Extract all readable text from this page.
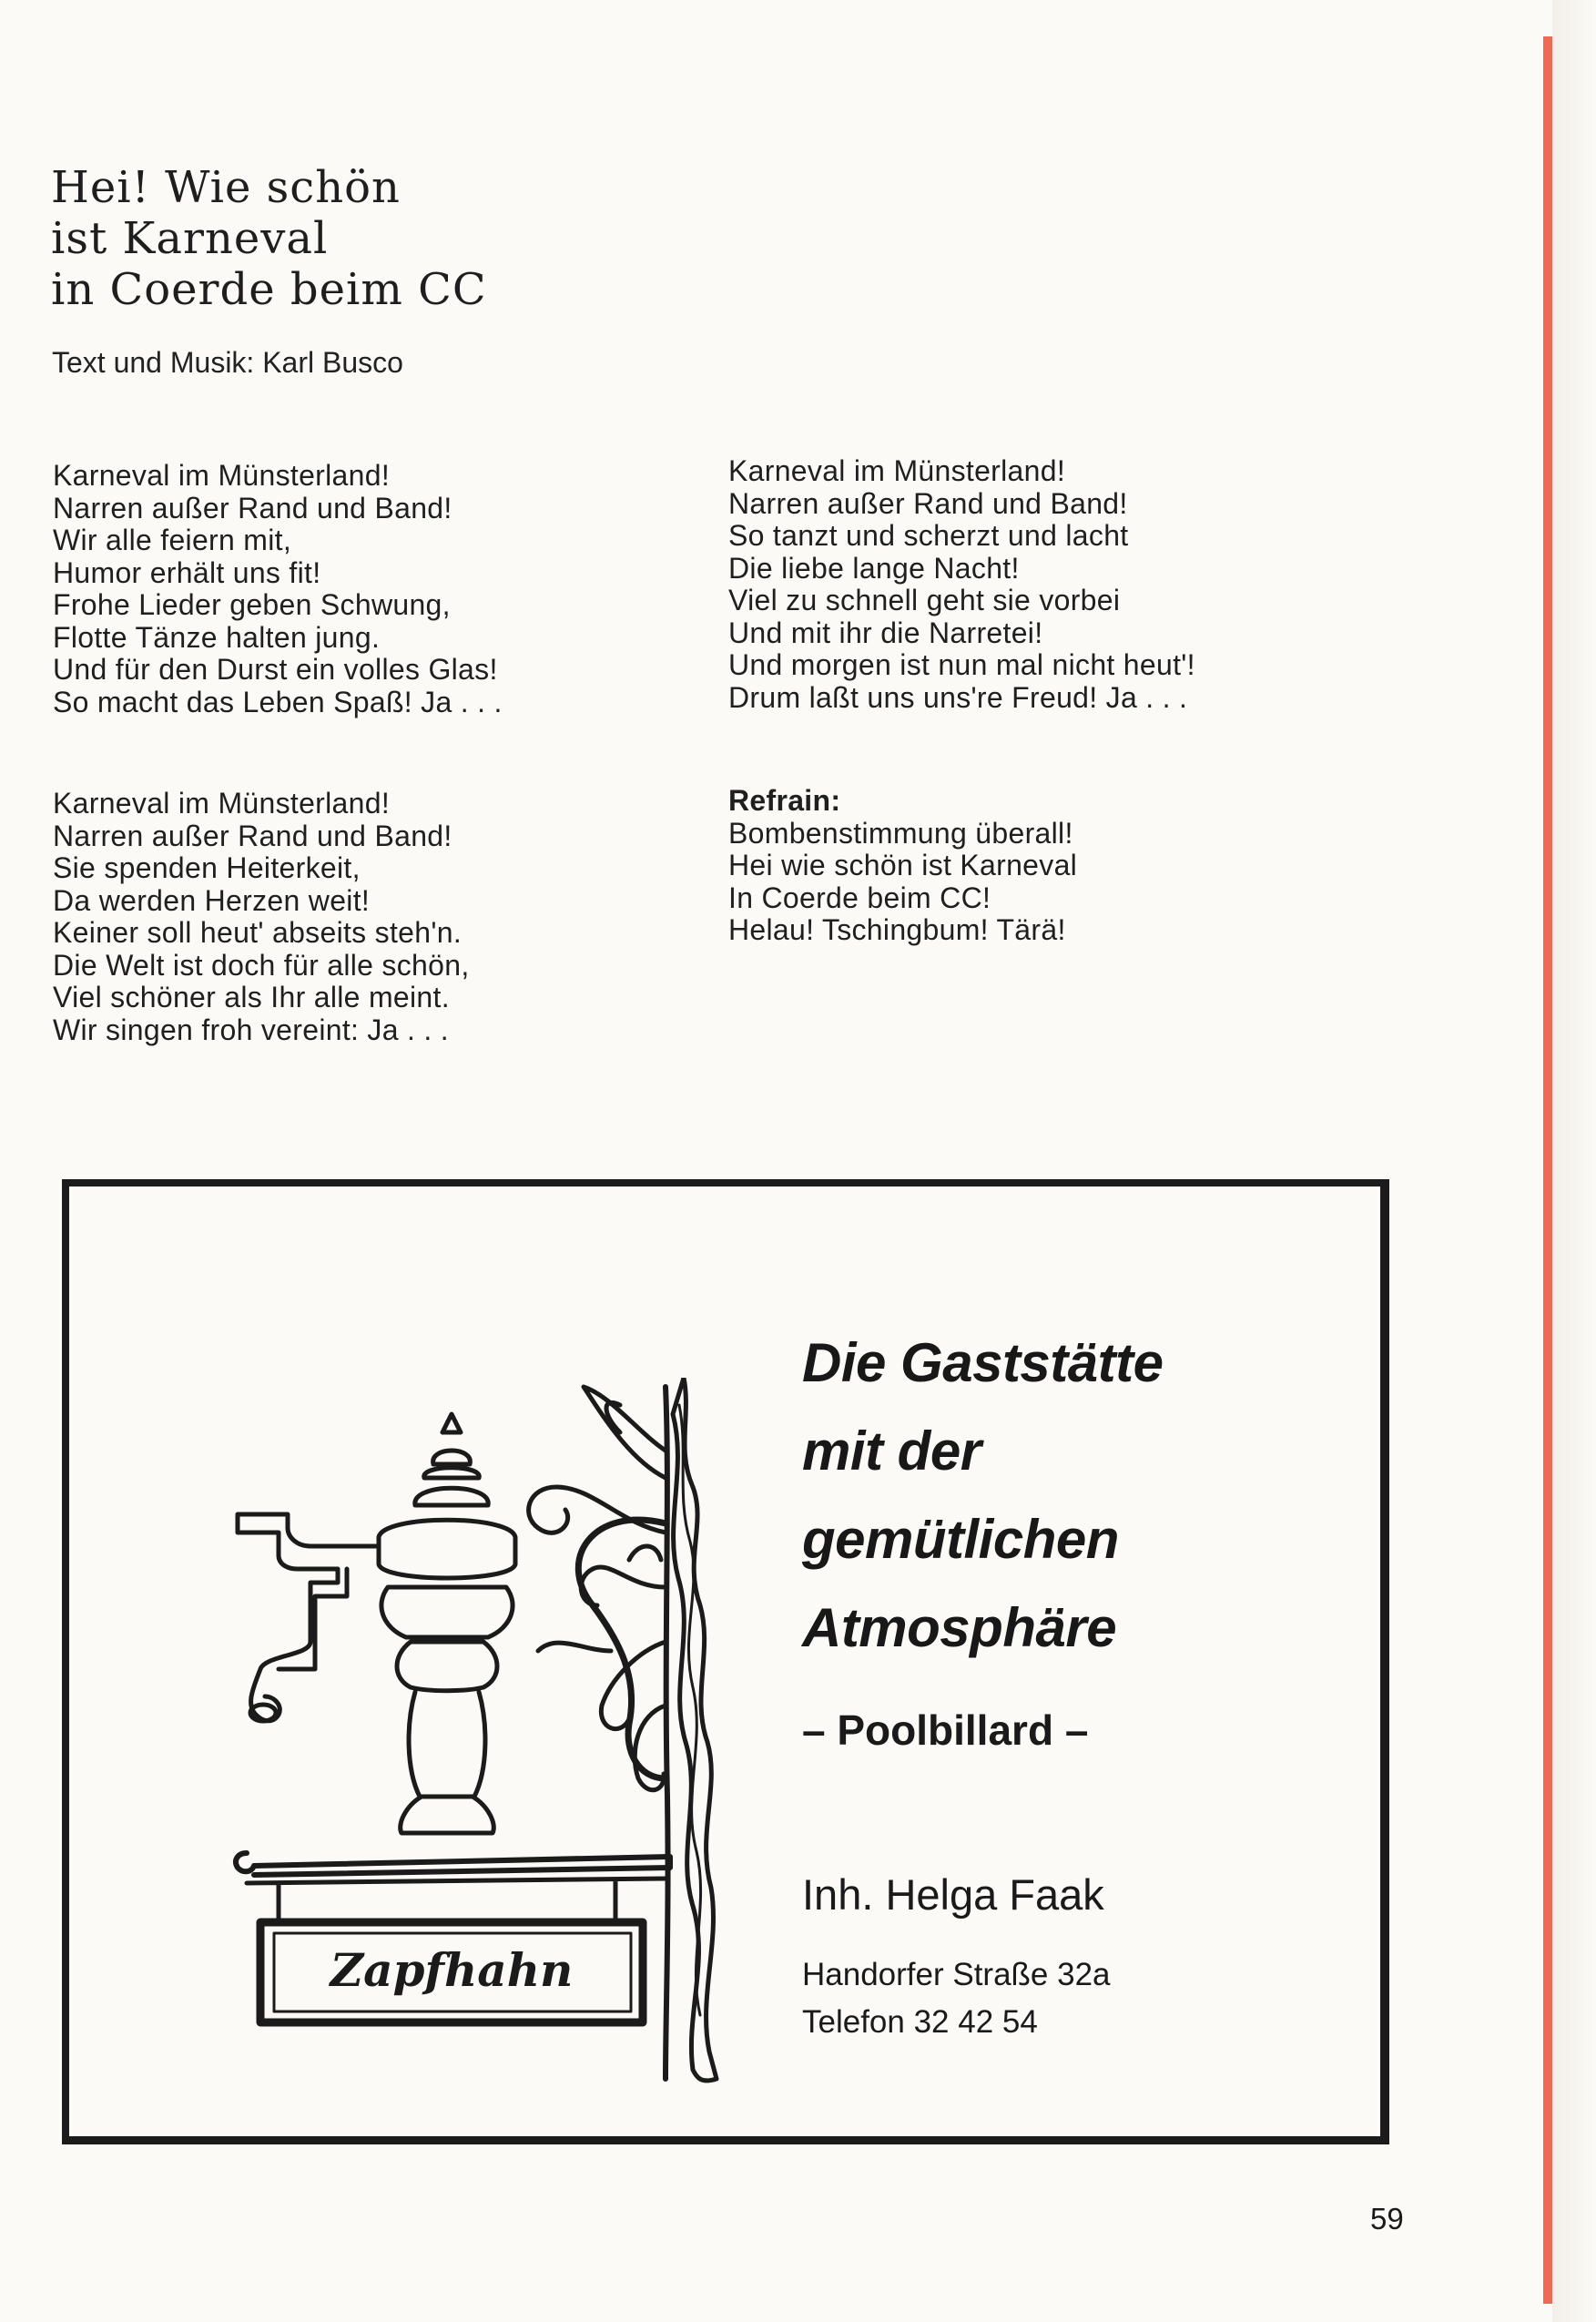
Hei! Wie schön
ist Karneval
in Coerde beim CC
Text und Musik: Karl Busco
Karneval im Münsterland!
Narren außer Rand und Band!
Wir alle feiern mit,
Humor erhält uns fit!
Frohe Lieder geben Schwung,
Flotte Tänze halten jung.
Und für den Durst ein volles Glas!
So macht das Leben Spaß! Ja . . .
Karneval im Münsterland!
Narren außer Rand und Band!
So tanzt und scherzt und lacht
Die liebe lange Nacht!
Viel zu schnell geht sie vorbei
Und mit ihr die Narretei!
Und morgen ist nun mal nicht heut'!
Drum laßt uns uns're Freud! Ja . . .
Karneval im Münsterland!
Narren außer Rand und Band!
Sie spenden Heiterkeit,
Da werden Herzen weit!
Keiner soll heut' abseits steh'n.
Die Welt ist doch für alle schön,
Viel schöner als Ihr alle meint.
Wir singen froh vereint: Ja . . .
Refrain:
Bombenstimmung überall!
Hei wie schön ist Karneval
In Coerde beim CC!
Helau! Tschingbum! Tärä!
Zapfhahn
Die Gaststätte
mit der
gemütlichen
Atmosphäre
– Poolbillard –
Inh. Helga Faak
Handorfer Straße 32a
Telefon 32 42 54
59
